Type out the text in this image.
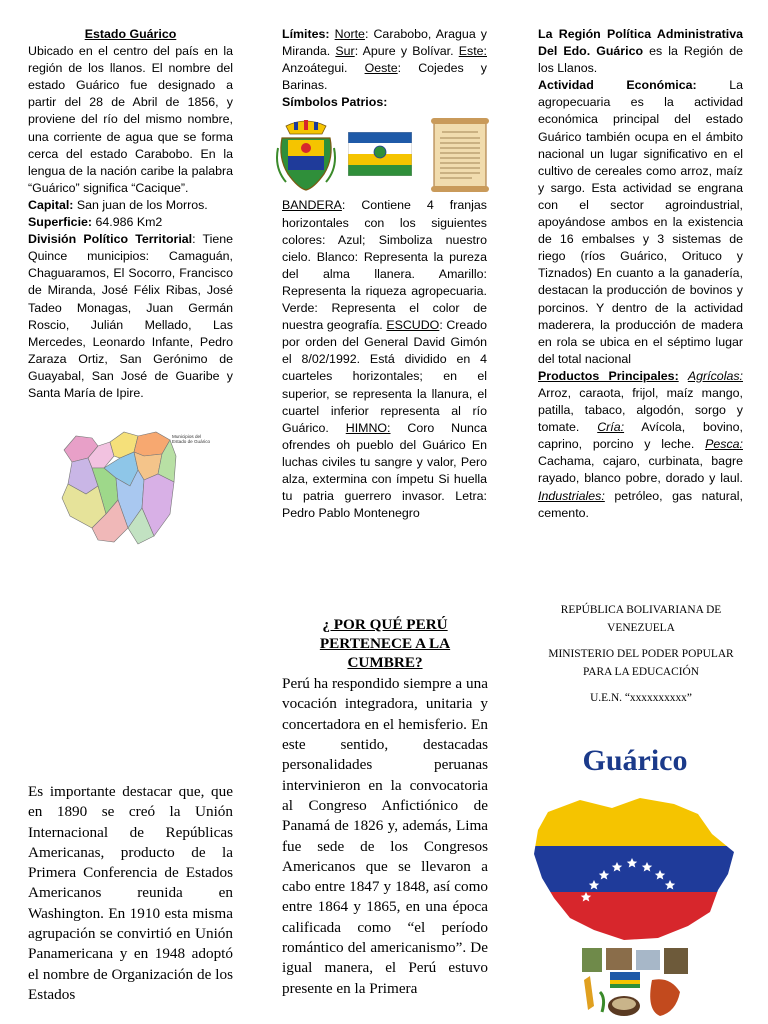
Estado Guárico

Ubicado en el centro del país en la región de los llanos. El nombre del estado Guárico fue designado a partir del 28 de Abril de 1856, y proviene del río del mismo nombre, una corriente de agua que se forma cerca del estado Carabobo. En la lengua de la nación caribe la palabra “Guárico” significa “Cacique”.

Capital: San juan de los Morros.

Superficie: 64.986 Km2

División Político Territorial: Tiene Quince municipios: Camaguán, Chaguaramos, El Socorro, Francisco de Miranda, José Félix Ribas, José Tadeo Monagas, Juan Germán Roscio, Julián Mellado, Las Mercedes, Leonardo Infante, Pedro Zaraza Ortiz, San Gerónimo de Guayabal, San José de Guaribe y Santa María de Ipire.

Municipios del Estado de Guárico

Límites: Norte: Carabobo, Aragua y Miranda. Sur: Apure y Bolívar. Este: Anzoátegui. Oeste: Cojedes y Barinas.

Símbolos Patrios:

BANDERA: Contiene 4 franjas horizontales con los siguientes colores: Azul; Simboliza nuestro cielo. Blanco: Representa la pureza del alma llanera. Amarillo: Representa la riqueza agropecuaria. Verde: Representa el color de nuestra geografía. ESCUDO: Creado por orden del General David Gimón el 8/02/1992. Está dividido en 4 cuarteles horizontales; en el superior, se representa la llanura, el cuartel inferior representa al río Guárico. HIMNO: Coro Nunca ofrendes oh pueblo del Guárico En luchas civiles tu sangre y valor, Pero alza, extermina con ímpetu Si huella tu patria guerrero invasor. Letra: Pedro Pablo Montenegro

La Región Política Administrativa Del Edo. Guárico es la Región de los Llanos.

Actividad Económica: La agropecuaria es la actividad económica principal del estado Guárico también ocupa en el ámbito nacional un lugar significativo en el cultivo de cereales como arroz, maíz y sargo. Esta actividad se engrana con el sector agroindustrial, apoyándose ambos en la existencia de 16 embalses y 3 sistemas de riego (ríos Guárico, Orituco y Tiznados) En cuanto a la ganadería, destacan la producción de bovinos y porcinos. Y dentro de la actividad maderera, la producción de madera en rola se ubica en el séptimo lugar del total nacional

Productos Principales: Agrícolas: Arroz, caraota, frijol, maíz mango, patilla, tabaco, algodón, sorgo y tomate. Cría: Avícola, bovino, caprino, porcino y leche. Pesca: Cachama, cajaro, curbinata, bagre rayado, blanco pobre, dorado y laul. Industriales: petróleo, gas natural, cemento.

Es importante destacar que, que en 1890 se creó la Unión Internacional de Repúblicas Americanas, producto de la Primera Conferencia de Estados Americanos reunida en Washington. En 1910 esta misma agrupación se convirtió en Unión Panamericana y en 1948 adoptó el nombre de Organización de los Estados

¿ POR QUÉ PERÚ PERTENECE A LA CUMBRE?

Perú ha respondido siempre a una vocación integradora, unitaria y concertadora en el hemisferio. En este sentido, destacadas personalidades peruanas intervinieron en la convocatoria al Congreso Anfictiónico de Panamá de 1826 y, además, Lima fue sede de los Congresos Americanos que se llevaron a cabo entre 1847 y 1848, así como entre 1864 y 1865, en una época calificada como “el período romántico del americanismo”. De igual manera, el Perú estuvo presente en la Primera

REPÚBLICA BOLIVARIANA DE VENEZUELA

MINISTERIO DEL PODER POPULAR PARA LA EDUCACIÓN

U.E.N. “xxxxxxxxxx”

Guárico
